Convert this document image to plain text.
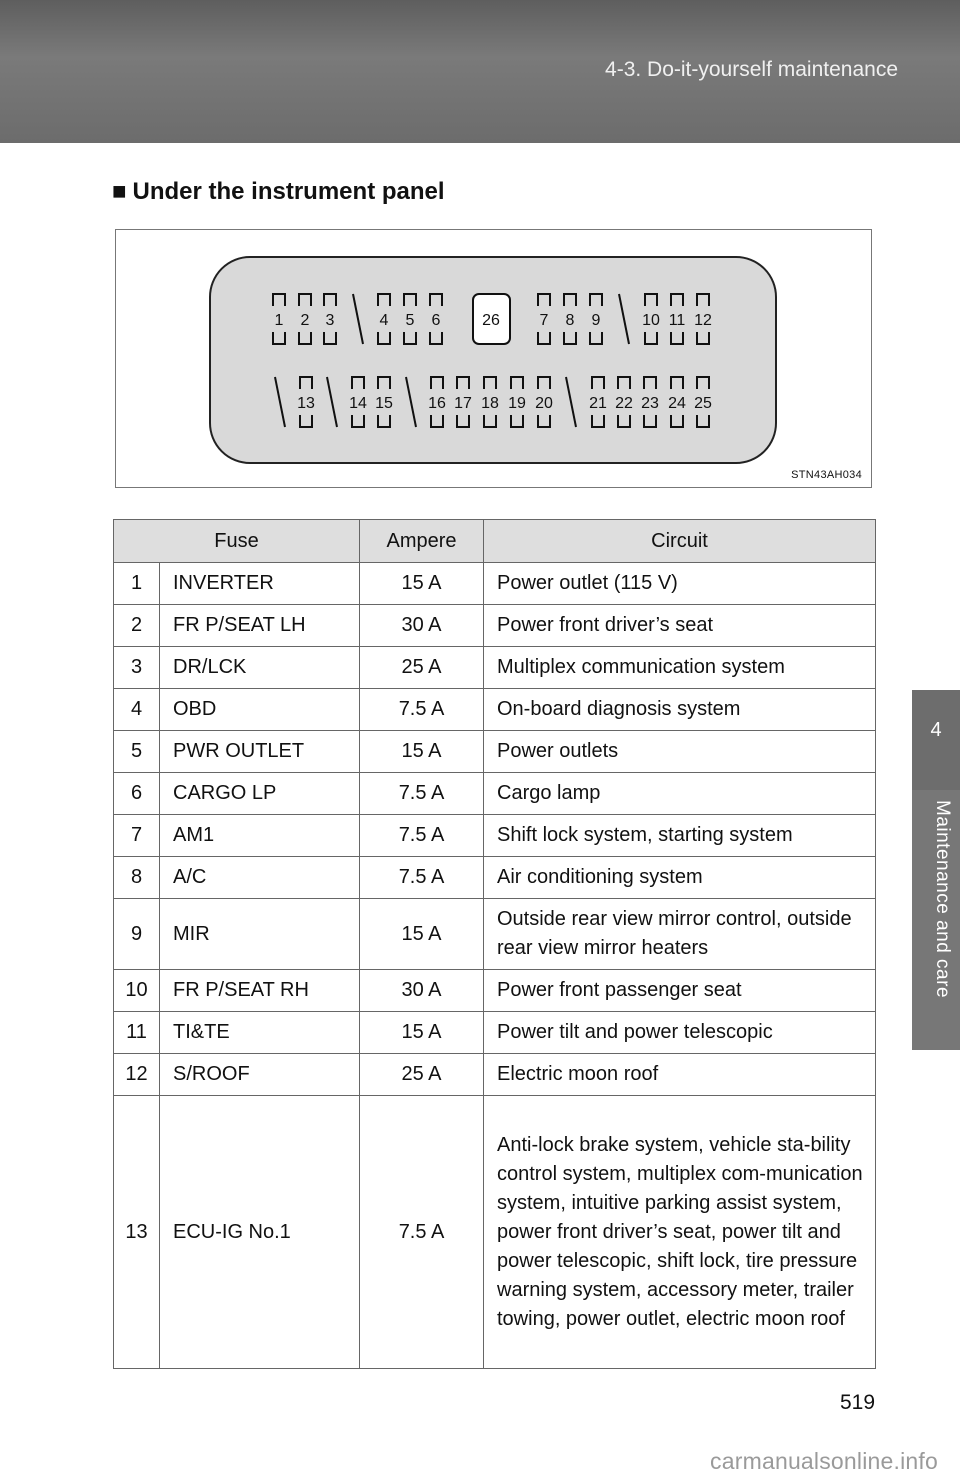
4-3. Do-it-yourself maintenance
4
Maintenance and care
■ Under the instrument panel
1 2 3	4 5 6	26 7 8 9	10 11 12
13 14 15 16 17 18 19 20 21 22 23 24 25
STN43AH034
Fuse		Ampere	Circuit
1	INVERTER	15 A	Power outlet (115 V)
2	FR P/SEAT LH	30 A	Power front driver’s seat
3	DR/LCK	25 A	Multiplex communication system
4	OBD	7.5 A	On-board diagnosis system
5	PWR OUTLET	15 A	Power outlets
6	CARGO LP	7.5 A	Cargo lamp
7	AM1	7.5 A	Shift lock system, starting system
8	A/C	7.5 A	Air conditioning system
9	MIR	15 A	Outside rear view mirror control, outside rear view mirror heaters
10	FR P/SEAT RH	30 A	Power front passenger seat
11	TI&TE	15 A	Power tilt and power telescopic
12	S/ROOF	25 A	Electric moon roof
13	ECU-IG No.1	7.5 A	Anti-lock brake system, vehicle sta-bility control system, multiplex com-munication system, intuitive parking assist system, power front driver’s seat, power tilt and power telescopic, shift lock, tire pressure warning system, accessory meter, trailer towing, power outlet, electric moon roof
519
carmanualsonline.info
